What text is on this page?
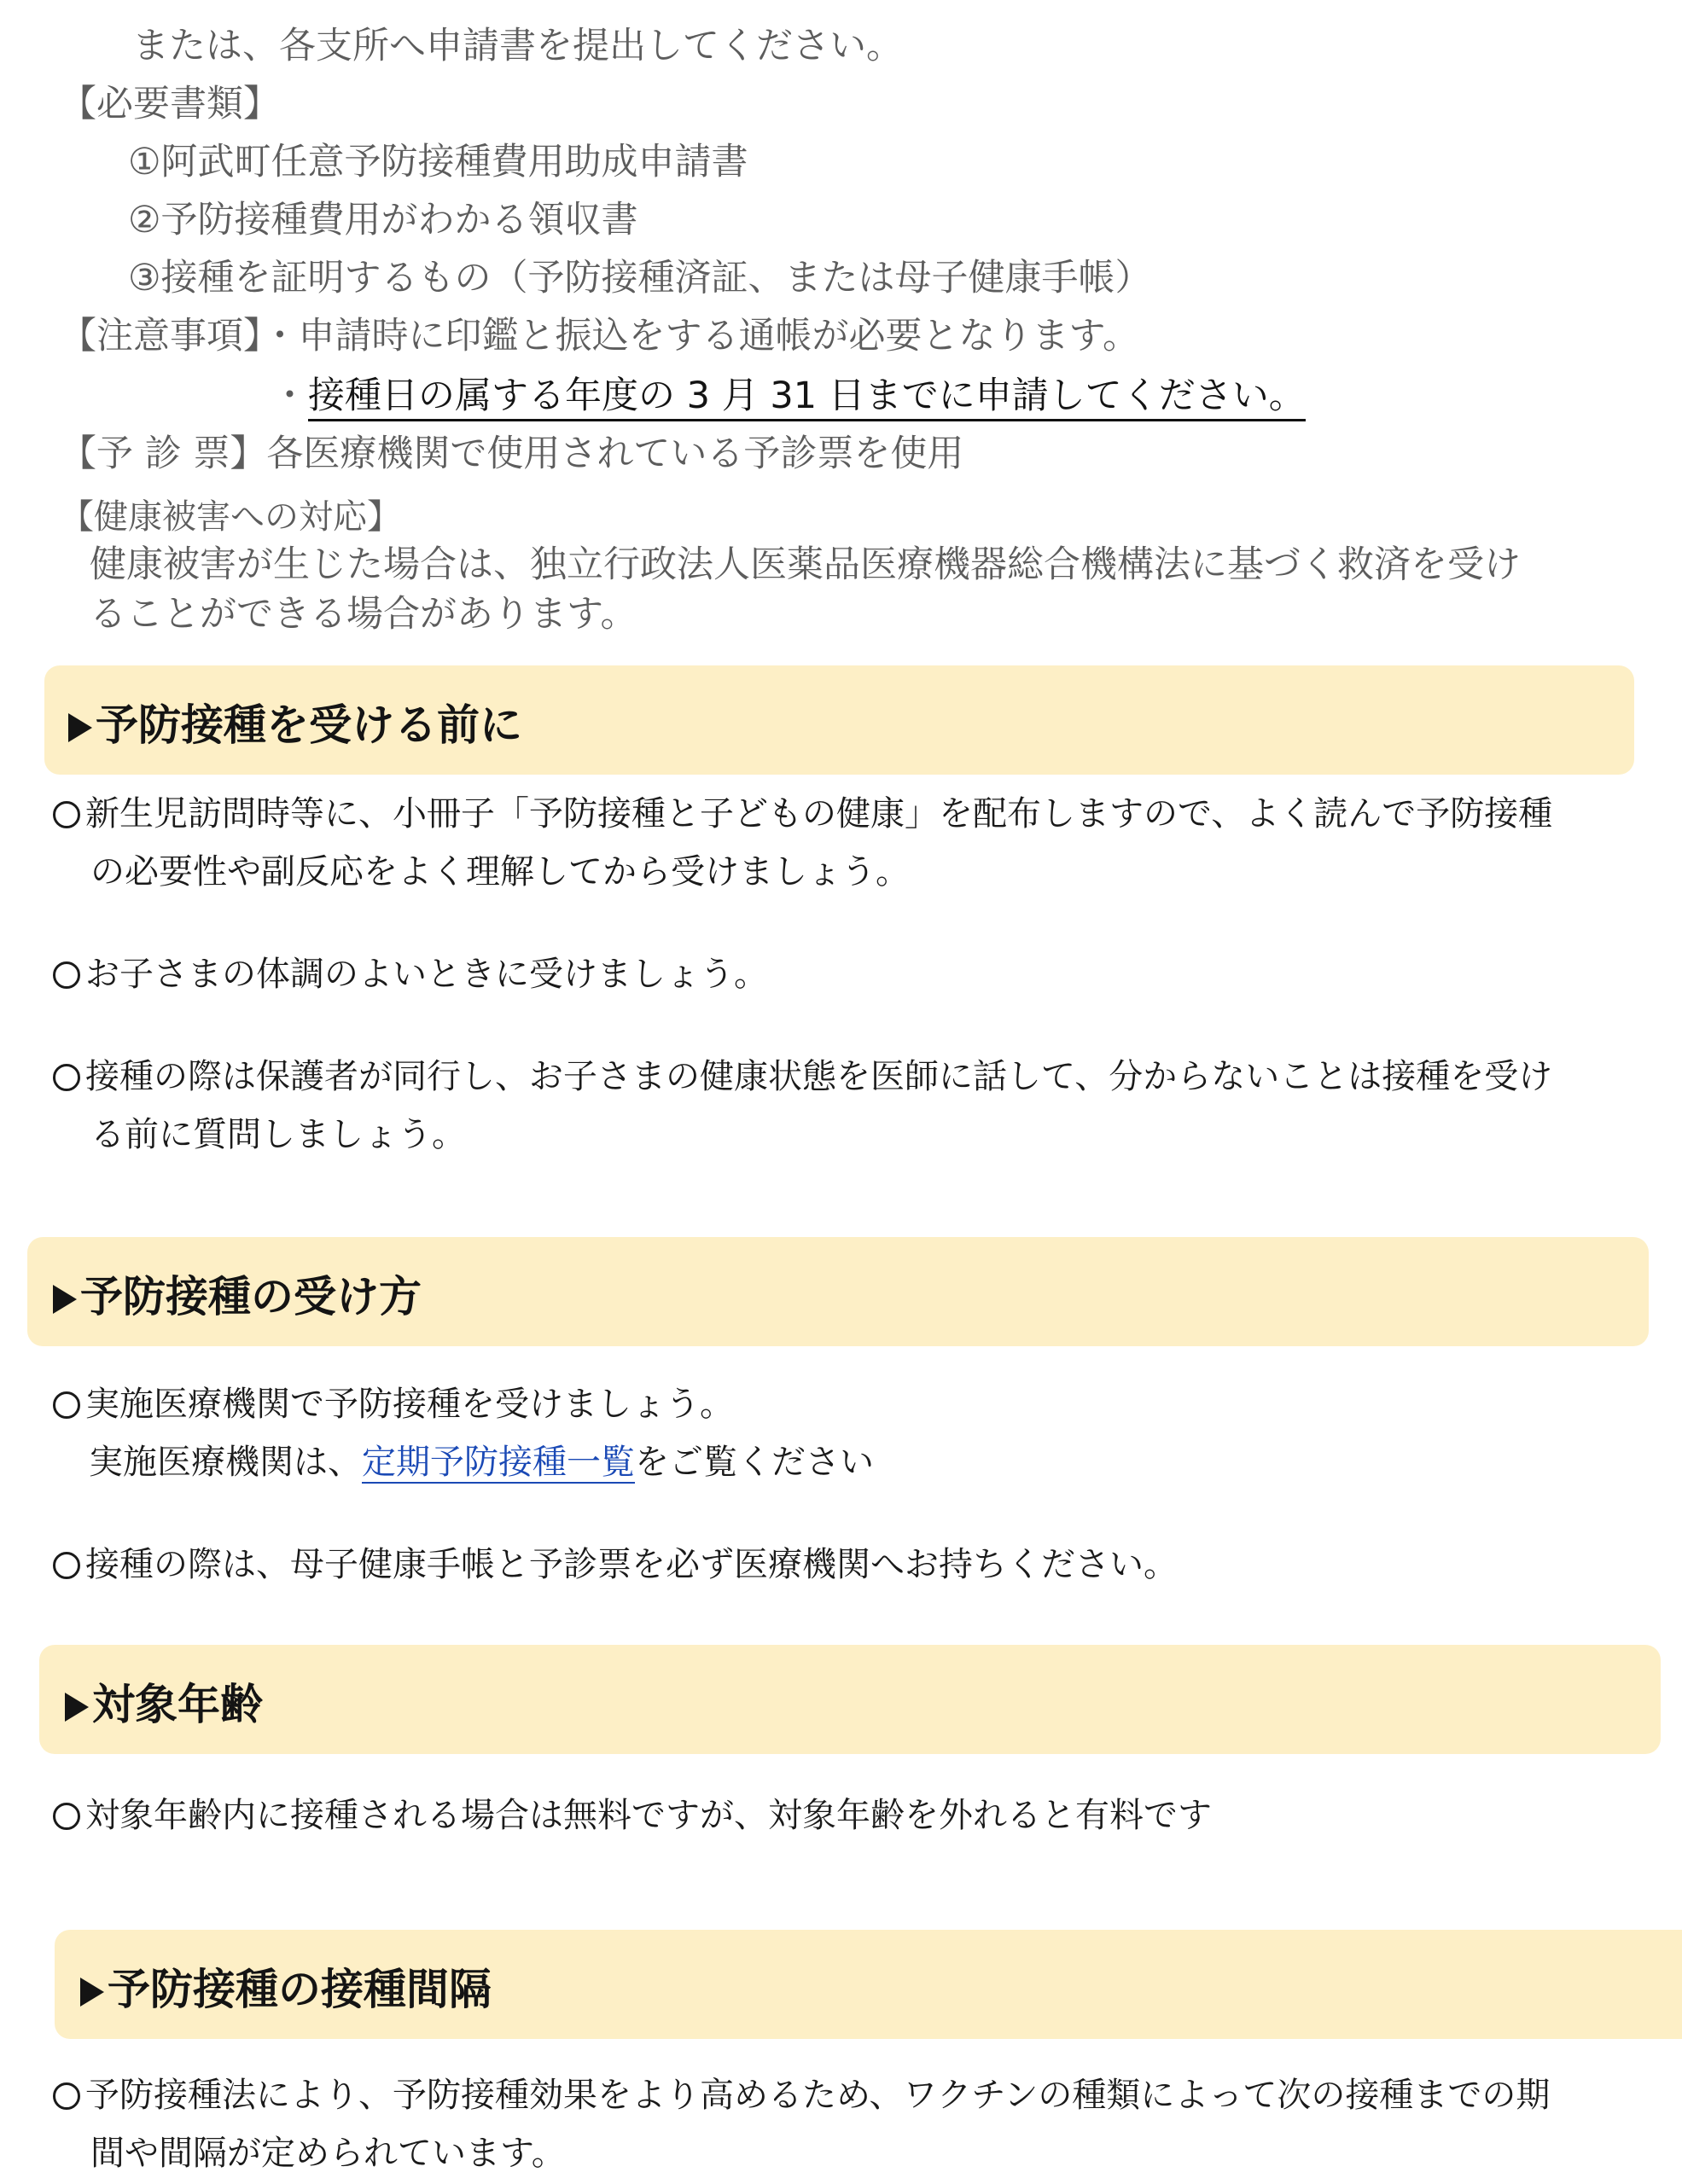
または、各支所へ申請書を提出してください。
【必要書類】
①阿武町任意予防接種費用助成申請書
②予防接種費用がわかる領収書
③接種を証明するもの（予防接種済証、または母子健康手帳）
【注意事項】・申請時に印鑑と振込をする通帳が必要となります。
・接種日の属する年度の 3 月 31 日までに申請してください。
【予 診 票】各医療機関で使用されている予診票を使用
【健康被害への対応】
健康被害が生じた場合は、独立行政法人医薬品医療機器総合機構法に基づく救済を受け
ることができる場合があります。
予防接種を受ける前に
新生児訪問時等に、小冊子「予防接種と子どもの健康」を配布しますので、よく読んで予防接種
の必要性や副反応をよく理解してから受けましょう。
お子さまの体調のよいときに受けましょう。
接種の際は保護者が同行し、お子さまの健康状態を医師に話して、分からないことは接種を受け
る前に質問しましょう。
予防接種の受け方
実施医療機関で予防接種を受けましょう。
実施医療機関は、定期予防接種一覧をご覧ください
接種の際は、母子健康手帳と予診票を必ず医療機関へお持ちください。
対象年齢
対象年齢内に接種される場合は無料ですが、対象年齢を外れると有料です
予防接種の接種間隔
予防接種法により、予防接種効果をより高めるため、ワクチンの種類によって次の接種までの期
間や間隔が定められています。
